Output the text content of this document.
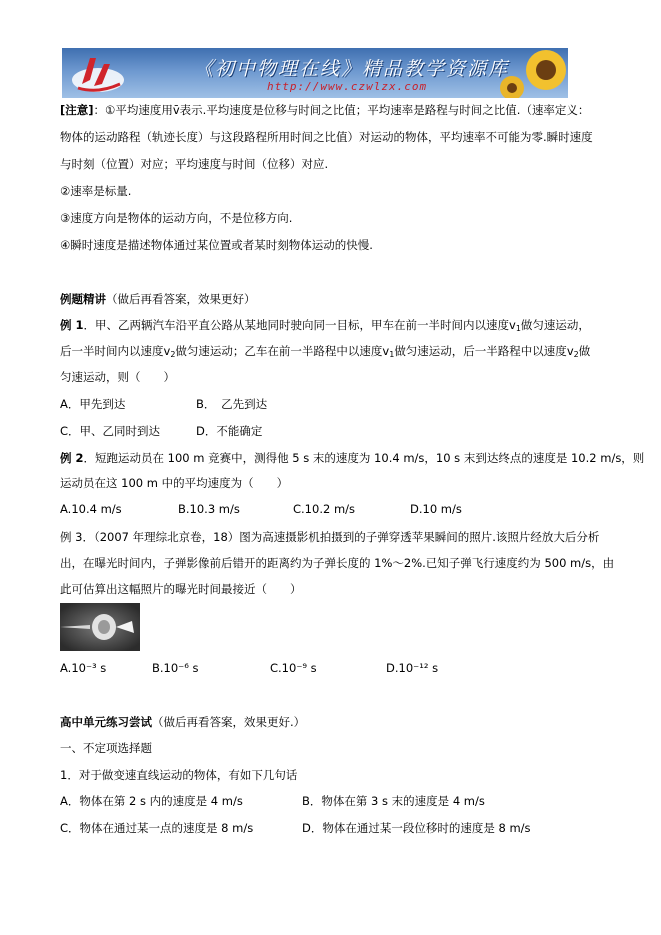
《初中物理在线》精品教学资源库
http://www.czwlzx.com
[注意]：①平均速度用v̄表示.平均速度是位移与时间之比值；平均速率是路程与时间之比值.（速率定义：
物体的运动路程（轨迹长度）与这段路程所用时间之比值）对运动的物体，平均速率不可能为零.瞬时速度
与时刻（位置）对应；平均速度与时间（位移）对应.
②速率是标量.
③速度方向是物体的运动方向，不是位移方向.
④瞬时速度是描述物体通过某位置或者某时刻物体运动的快慢.
例题精讲（做后再看答案，效果更好）
例 1．甲、乙两辆汽车沿平直公路从某地同时驶向同一目标，甲车在前一半时间内以速度$v_1$做匀速运动，
后一半时间内以速度$v_2$做匀速运动；乙车在前一半路程中以速度$v_1$做匀速运动，后一半路程中以速度$v_2$做
匀速运动，则（　　）
A．甲先到达	B．　乙先到达
C．甲、乙同时到达	D．不能确定
例 2．短跑运动员在 100 m 竞赛中，测得他 5 s 末的速度为 10.4 m/s，10 s 末到达终点的速度是 10.2 m/s，则
运动员在这 100 m 中的平均速度为（　　）
A.10.4 m/s	B.10.3 m/s	C.10.2 m/s	D.10 m/s
例 3．（2007 年理综北京卷，18）图为高速摄影机拍摄到的子弹穿透苹果瞬间的照片.该照片经放大后分析
出，在曝光时间内，子弹影像前后错开的距离约为子弹长度的 1%～2%.已知子弹飞行速度约为 500 m/s，由
此可估算出这幅照片的曝光时间最接近（　　）
A.10⁻³ s	B.10⁻⁶ s	C.10⁻⁹ s	D.10⁻¹² s
高中单元练习尝试（做后再看答案，效果更好.）
一、不定项选择题
1．对于做变速直线运动的物体，有如下几句话
A．物体在第 2 s 内的速度是 4 m/s	B．物体在第 3 s 末的速度是 4 m/s
C．物体在通过某一点的速度是 8 m/s	D．物体在通过某一段位移时的速度是 8 m/s
